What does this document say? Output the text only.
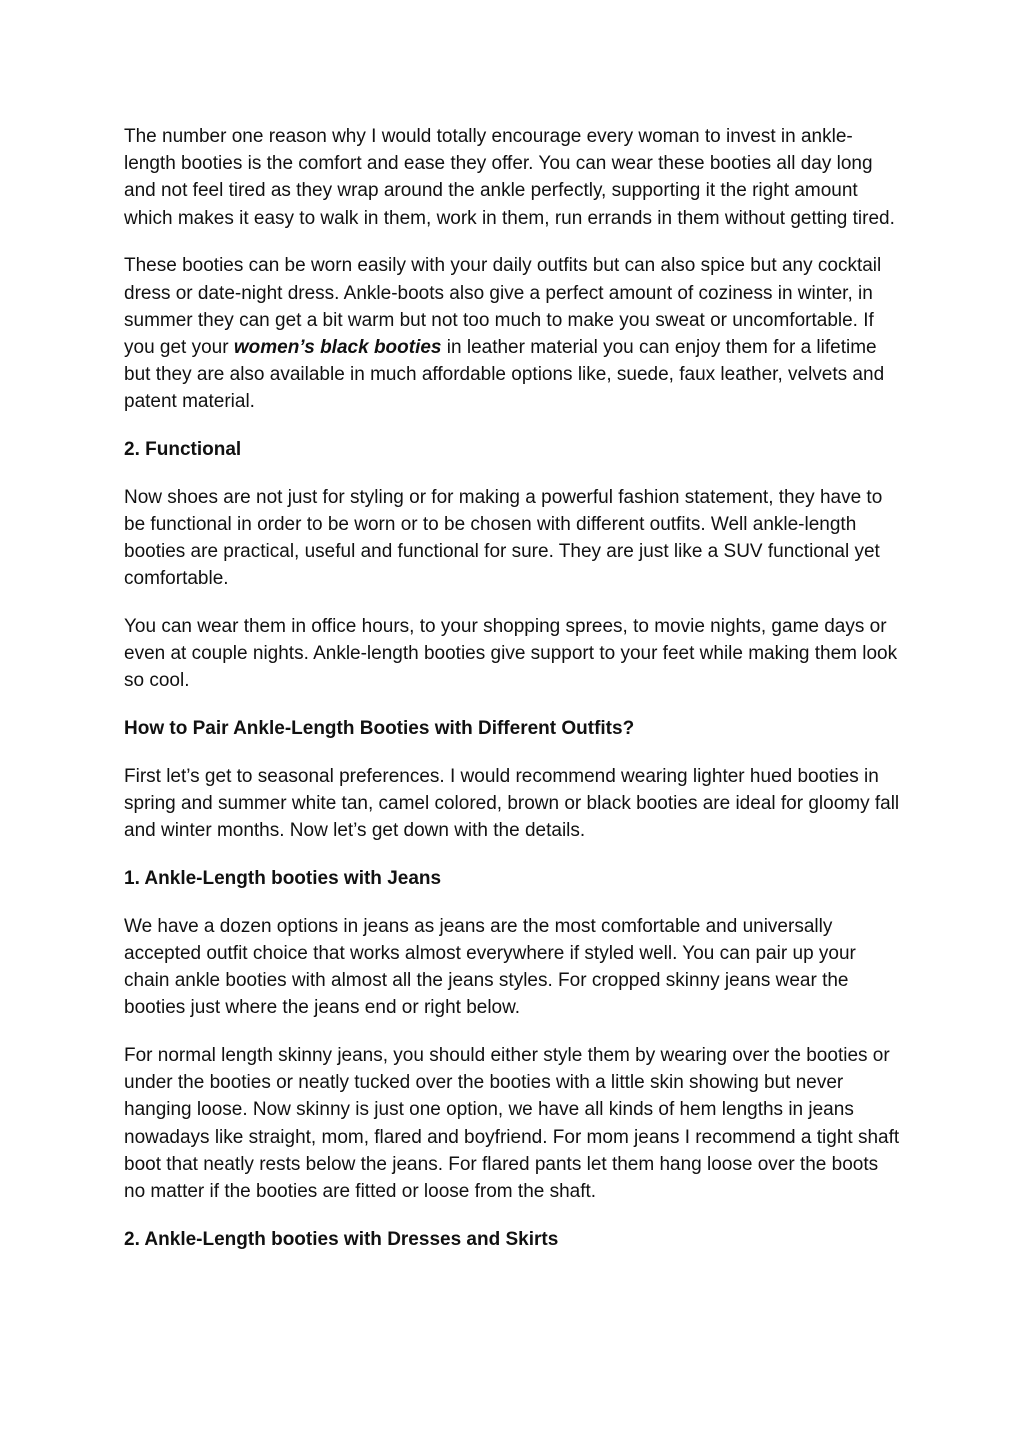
The number one reason why I would totally encourage every woman to invest in ankle-length booties is the comfort and ease they offer. You can wear these booties all day long and not feel tired as they wrap around the ankle perfectly, supporting it the right amount which makes it easy to walk in them, work in them, run errands in them without getting tired.

These booties can be worn easily with your daily outfits but can also spice but any cocktail dress or date-night dress. Ankle-boots also give a perfect amount of coziness in winter, in summer they can get a bit warm but not too much to make you sweat or uncomfortable. If you get your women’s black booties in leather material you can enjoy them for a lifetime but they are also available in much affordable options like, suede, faux leather, velvets and patent material.

2. Functional

Now shoes are not just for styling or for making a powerful fashion statement, they have to be functional in order to be worn or to be chosen with different outfits. Well ankle-length booties are practical, useful and functional for sure. They are just like a SUV functional yet comfortable.

You can wear them in office hours, to your shopping sprees, to movie nights, game days or even at couple nights. Ankle-length booties give support to your feet while making them look so cool.

How to Pair Ankle-Length Booties with Different Outfits?

First let’s get to seasonal preferences. I would recommend wearing lighter hued booties in spring and summer white tan, camel colored, brown or black booties are ideal for gloomy fall and winter months. Now let’s get down with the details.

1. Ankle-Length booties with Jeans

We have a dozen options in jeans as jeans are the most comfortable and universally accepted outfit choice that works almost everywhere if styled well. You can pair up your chain ankle booties with almost all the jeans styles. For cropped skinny jeans wear the booties just where the jeans end or right below.

For normal length skinny jeans, you should either style them by wearing over the booties or under the booties or neatly tucked over the booties with a little skin showing but never hanging loose. Now skinny is just one option, we have all kinds of hem lengths in jeans nowadays like straight, mom, flared and boyfriend. For mom jeans I recommend a tight shaft boot that neatly rests below the jeans. For flared pants let them hang loose over the boots no matter if the booties are fitted or loose from the shaft.

2. Ankle-Length booties with Dresses and Skirts
